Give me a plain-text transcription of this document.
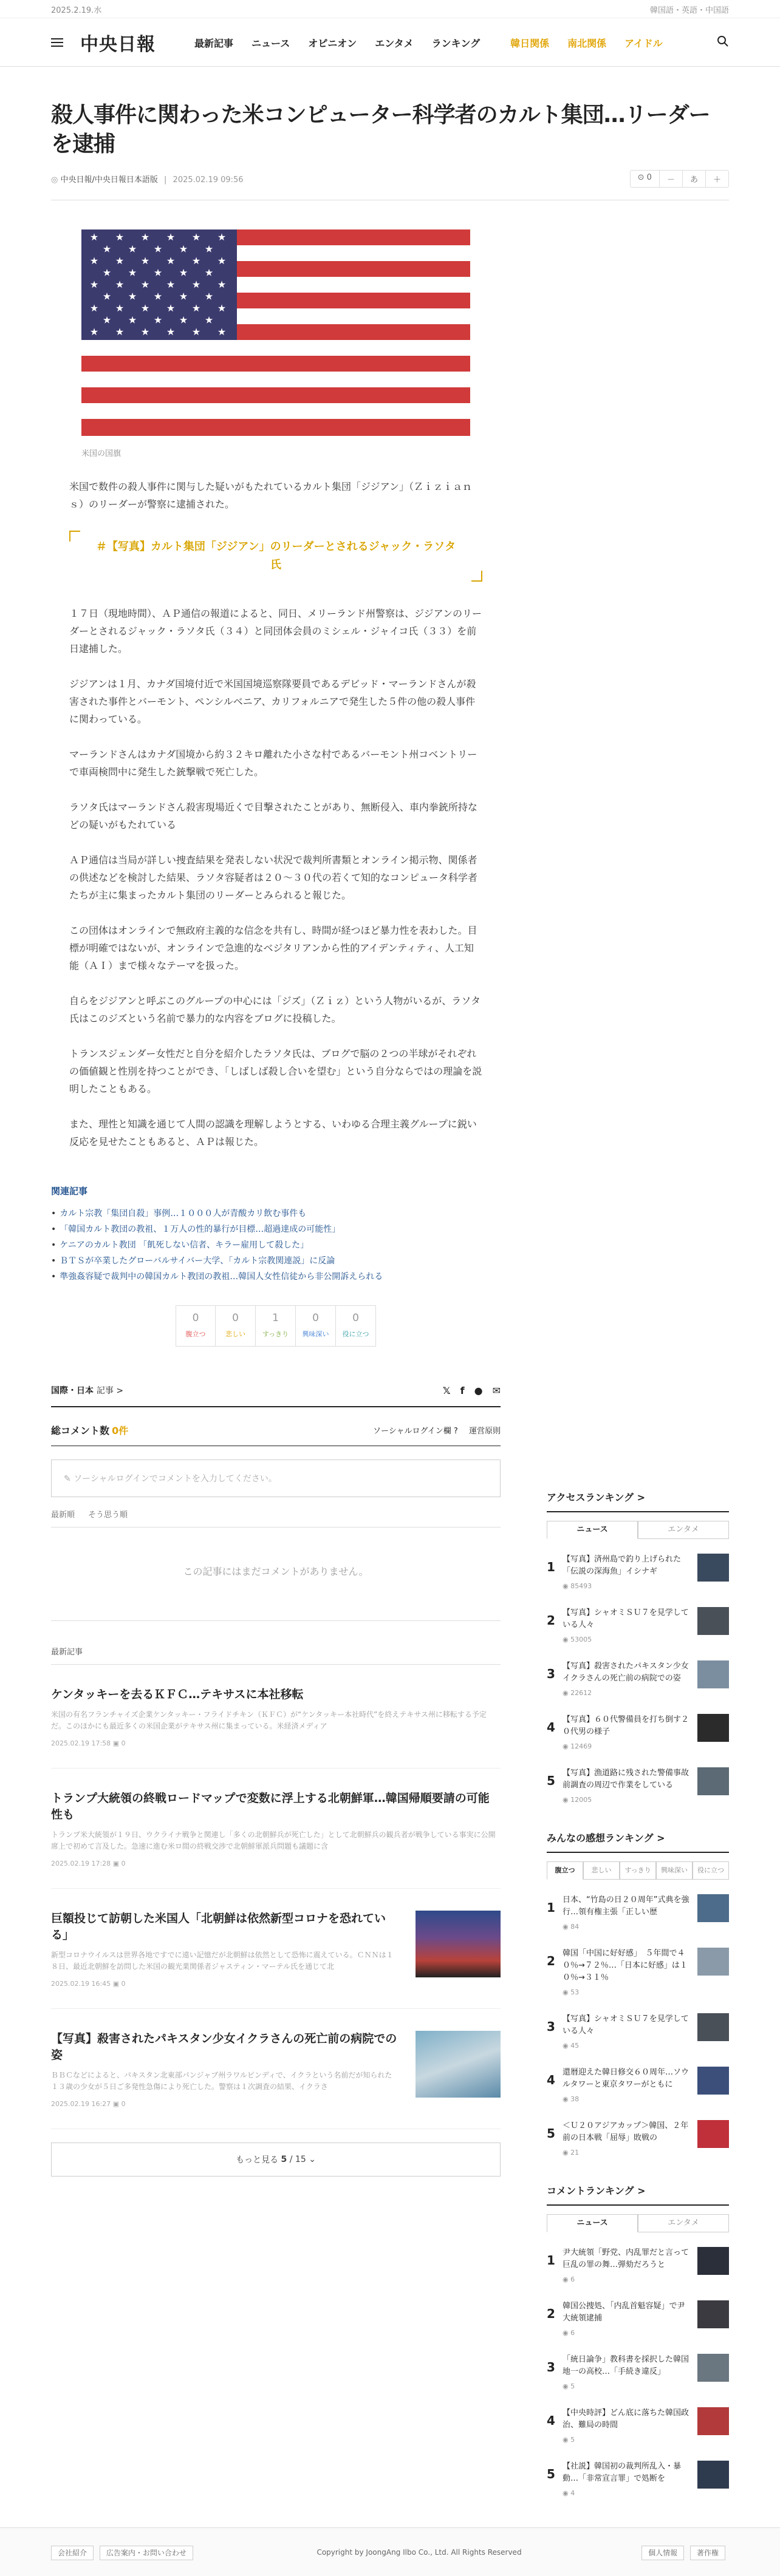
2025.2.19.水	韓国語・英語・中国語
中央日報	最新記事 ニュース オピニオン エンタメ ランキング	韓日関係 南北関係 アイドル
殺人事件に関わった米コンピューター科学者のカルト集団…リーダーを逮捕
◎ 中央日報/中央日報日本語版 | 2025.02.19 09:56	⊙ 0	－	あ	＋
★ ★ ★ ★ ★ ★
★ ★ ★ ★ ★
★ ★ ★ ★ ★ ★
★ ★ ★ ★ ★
★ ★ ★ ★ ★ ★
★ ★ ★ ★ ★
★ ★ ★ ★ ★ ★
★ ★ ★ ★ ★
★ ★ ★ ★ ★ ★
米国の国旗

米国で数件の殺人事件に関与した疑いがもたれているカルト集団「ジジアン」（Ｚｉｚｉａｎｓ）のリーダーが警察に逮捕された。

＃【写真】カルト集団「ジジアン」のリーダーとされるジャック・ラソタ氏

１７日（現地時間）、ＡＰ通信の報道によると、同日、メリーランド州警察は、ジジアンのリーダーとされるジャック・ラソタ氏（３４）と同団体会員のミシェル・ジャイコ氏（３３）を前日逮捕した。

ジジアンは１月、カナダ国境付近で米国国境巡察隊要員であるデビッド・マーランドさんが殺害された事件とバーモント、ペンシルベニア、カリフォルニアで発生した５件の他の殺人事件に関わっている。

マーランドさんはカナダ国境から約３２キロ離れた小さな村であるバーモント州コベントリーで車両検問中に発生した銃撃戦で死亡した。

ラソタ氏はマーランドさん殺害現場近くで目撃されたことがあり、無断侵入、車内拳銃所持などの疑いがもたれている

ＡＰ通信は当局が詳しい捜査結果を発表しない状況で裁判所書類とオンライン掲示物、関係者の供述などを検討した結果、ラソタ容疑者は２０～３０代の若くて知的なコンピュータ科学者たちが主に集まったカルト集団のリーダーとみられると報じた。

この団体はオンラインで無政府主義的な信念を共有し、時間が経つほど暴力性を表わした。目標が明確ではないが、オンラインで急進的なベジタリアンから性的アイデンティティ、人工知能（ＡＩ）まで様々なテーマを扱った。

自らをジジアンと呼ぶこのグループの中心には「ジズ」（Ｚｉｚ）という人物がいるが、ラソタ氏はこのジズという名前で暴力的な内容をブログに投稿した。

トランスジェンダー女性だと自分を紹介したラソタ氏は、ブログで脳の２つの半球がそれぞれの価値観と性別を持つことができ、「しばしば殺し合いを望む」という自分ならではの理論を説明したこともある。

また、理性と知識を通じて人間の認識を理解しようとする、いわゆる合理主義グループに鋭い反応を見せたこともあると、ＡＰは報じた。

関連記事
• カルト宗教「集団自殺」事例…１０００人が青酸カリ飲む事件も
• 「韓国カルト教団の教祖、１万人の性的暴行が目標…超過達成の可能性」
• ケニアのカルト教団 「飢死しない信者、キラー雇用して殺した」
• ＢＴＳが卒業したグローバルサイバー大学、「カルト宗教関連説」に反論
• 準強姦容疑で裁判中の韓国カルト教団の教祖…韓国人女性信徒から非公開訴えられる
0
腹立つ
0
悲しい
1
すっきり
0
興味深い
0
役に立つ
国際・日本 記事 >	𝕏 f ● ✉
総コメント数 0件	ソーシャルログイン欄 ? 運営原則
✎ ソーシャルログインでコメントを入力してください。
最新順 そう思う順
この記事にはまだコメントがありません。
最新記事
ケンタッキーを去るＫＦＣ…テキサスに本社移転
米国の有名フランチャイズ企業ケンタッキー・フライドチキン（ＫＦＣ）が“ケンタッキー本社時代”を終えテキサス州に移転する予定だ。このほかにも最近多くの米国企業がテキサス州に集まっている。米経済メディア
2025.02.19 17:58 ▣ 0
トランプ大統領の終戦ロードマップで変数に浮上する北朝鮮軍…韓国帰順要請の可能性も
トランプ米大統領が１９日、ウクライナ戦争と関連し「多くの北朝鮮兵が死亡した」として北朝鮮兵の観兵者が戦争している事実に公開席上で初めて言及した。急速に進む米ロ間の終戦交渉で北朝鮮軍派兵問題も議題に含
2025.02.19 17:28 ▣ 0
巨額投じて訪朝した米国人「北朝鮮は依然新型コロナを恐れている」
新型コロナウイルスは世界各地ですでに遠い記憶だが北朝鮮は依然として恐怖に震えている。ＣＮＮは１８日、最近北朝鮮を訪問した米国の観光業関係者ジャスティン・マーテル氏を通じて北
2025.02.19 16:45 ▣ 0
【写真】殺害されたパキスタン少女イクラさんの死亡前の病院での姿
ＢＢＣなどによると、パキスタン北東部パンジャブ州ラワルピンディで、イクラという名前だが知られた１３歳の少女が５日ご多発性急傷により死亡した。警察は１次調査の結果、イクラさ
2025.02.19 16:27 ▣ 0
もっと見る
5 / 15
⌄
アクセスランキング >
ニュース	エンタメ
1
【写真】済州島で釣り上げられた「伝説の深海魚」イシナギ
◉ 85493
2
【写真】シャオミＳＵ７を見学している人々
◉ 53005
3
【写真】殺害されたパキスタン少女イクラさんの死亡前の病院での姿
◉ 22612
4
【写真】６０代警備員を打ち倒す２０代男の様子
◉ 12469
5
【写真】漁道路に残された警備事故前調査の周辺で作業をしている
◉ 12005
みんなの感想ランキング >
腹立つ	悲しい	すっきり	興味深い	役に立つ
1
日本、“竹島の日２０周年”式典を強行…領有権主張「正しい歴
◉ 84
2
韓国「中国に好好感」　５年間で４０％→７２％…「日本に好感」は１０％→３１％
◉ 53
3
【写真】シャオミＳＵ７を見学している人々
◉ 45
4
還暦迎えた韓日修交６０周年…ソウルタワーと東京タワーがともに
◉ 38
5
＜Ｕ２０アジアカップ＞韓国、２年前の日本戦「屈辱」敗戦の
◉ 21
コメントランキング >
ニュース	エンタメ
1
尹大統領「野党、内乱罪だと言って巨乱の罪の舞…弾劾だろうと
◉ 6
2
韓国公捜処、「内乱首魁容疑」で尹大統領逮捕
◉ 6
3
「統日論争」教科書を採択した韓国地一の高校…「手続き違反」
◉ 5
4
【中央時評】どん底に落ちた韓国政治、難局の時間
◉ 5
5
【社説】韓国初の裁判所乱入・暴動…「非常宣言罪」で処断を
◉ 4
会社紹介	広告案内・お問い合わせ	Copyright by JoongAng Ilbo Co., Ltd. All Rights Reserved	個人情報	著作権
